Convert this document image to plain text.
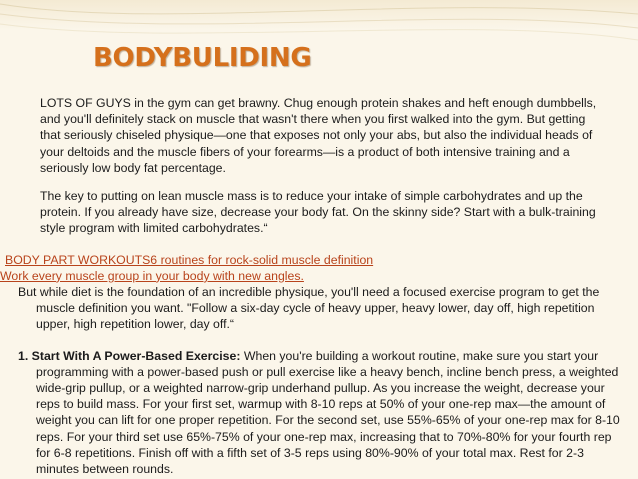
BODYBULIDING

LOTS OF GUYS in the gym can get brawny. Chug enough protein shakes and heft enough dumbbells, and you'll definitely stack on muscle that wasn't there when you first walked into the gym. But getting that seriously chiseled physique—one that exposes not only your abs, but also the individual heads of your deltoids and the muscle fibers of your forearms—is a product of both intensive training and a seriously low body fat percentage.

The key to putting on lean muscle mass is to reduce your intake of simple carbohydrates and up the protein. If you already have size, decrease your body fat. On the skinny side? Start with a bulk-training style program with limited carbohydrates.“

BODY PART WORKOUTS6 routines for rock-solid muscle definition

Work every muscle group in your body with new angles.

But while diet is the foundation of an incredible physique, you'll need a focused exercise program to get the muscle definition you want. "Follow a six-day cycle of heavy upper, heavy lower, day off, high repetition upper, high repetition lower, day off.“

1. Start With A Power-Based Exercise: When you're building a workout routine, make sure you start your programming with a power-based push or pull exercise like a heavy bench, incline bench press, a weighted wide-grip pullup, or a weighted narrow-grip underhand pullup. As you increase the weight, decrease your reps to build mass. For your first set, warmup with 8-10 reps at 50% of your one-rep max—the amount of weight you can lift for one proper repetition. For the second set, use 55%-65% of your one-rep max for 8-10 reps. For your third set use 65%-75% of your one-rep max, increasing that to 70%-80% for your fourth rep for 6-8 repetitions. Finish off with a fifth set of 3-5 reps using 80%-90% of your total max. Rest for 2-3 minutes between rounds.
